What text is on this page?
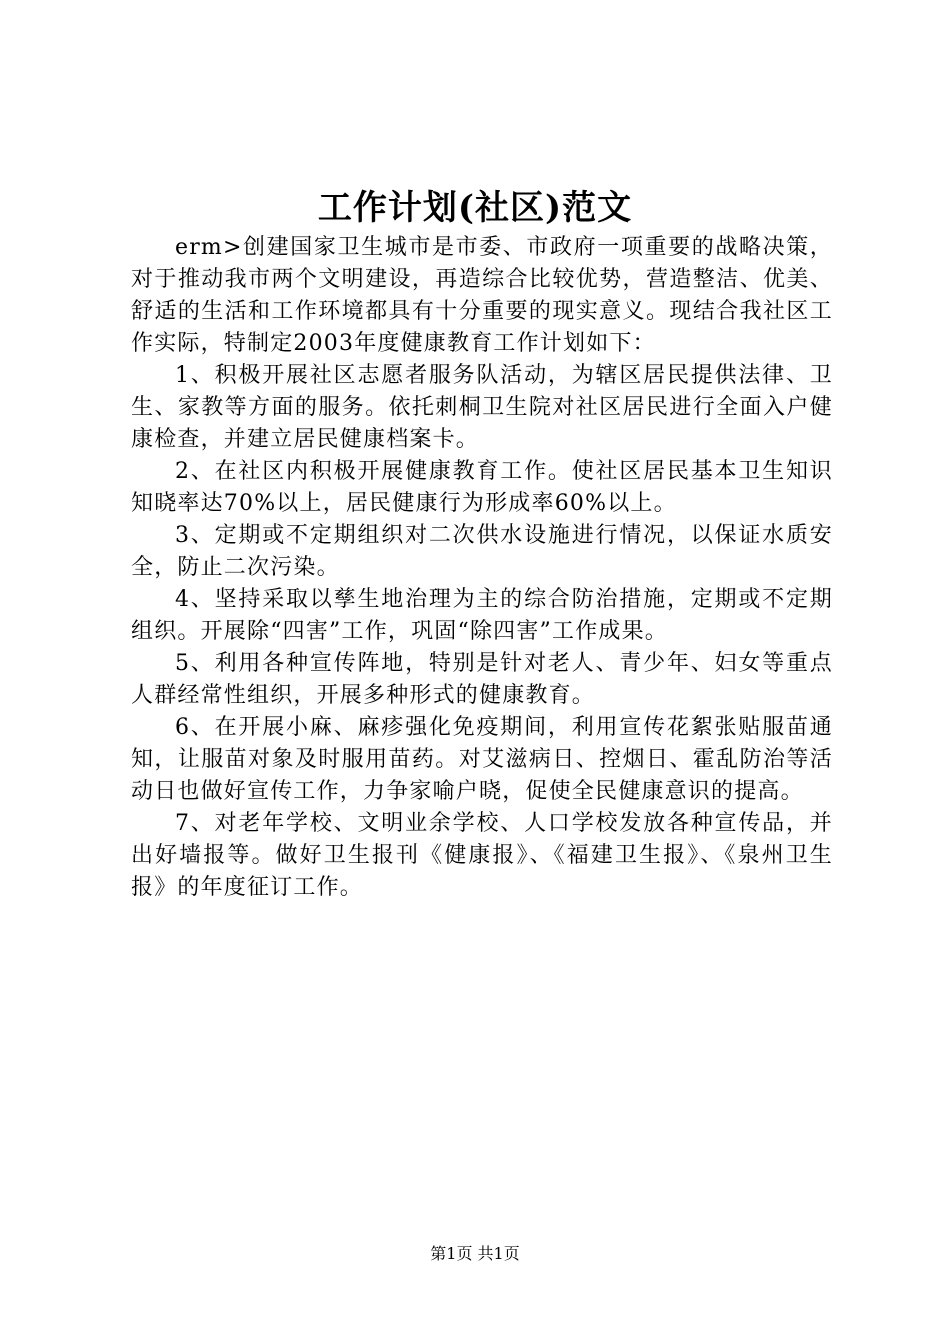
工作计划(社区)范文

erm>创建国家卫生城市是市委、市政府一项重要的战略决策，对于推动我市两个文明建设，再造综合比较优势，营造整洁、优美、舒适的生活和工作环境都具有十分重要的现实意义。现结合我社区工作实际，特制定2003年度健康教育工作计划如下：

1、积极开展社区志愿者服务队活动，为辖区居民提供法律、卫生、家教等方面的服务。依托刺桐卫生院对社区居民进行全面入户健康检查，并建立居民健康档案卡。

2、在社区内积极开展健康教育工作。使社区居民基本卫生知识知晓率达70%以上，居民健康行为形成率60%以上。

3、定期或不定期组织对二次供水设施进行情况，以保证水质安全，防止二次污染。

4、坚持采取以孳生地治理为主的综合防治措施，定期或不定期组织。开展除“四害”工作，巩固“除四害”工作成果。

5、利用各种宣传阵地，特别是针对老人、青少年、妇女等重点人群经常性组织，开展多种形式的健康教育。

6、在开展小麻、麻疹强化免疫期间，利用宣传花絮张贴服苗通知，让服苗对象及时服用苗药。对艾滋病日、控烟日、霍乱防治等活动日也做好宣传工作，力争家喻户晓，促使全民健康意识的提高。

7、对老年学校、文明业余学校、人口学校发放各种宣传品，并出好墙报等。做好卫生报刊《健康报》、《福建卫生报》、《泉州卫生报》的年度征订工作。

第1页 共1页
